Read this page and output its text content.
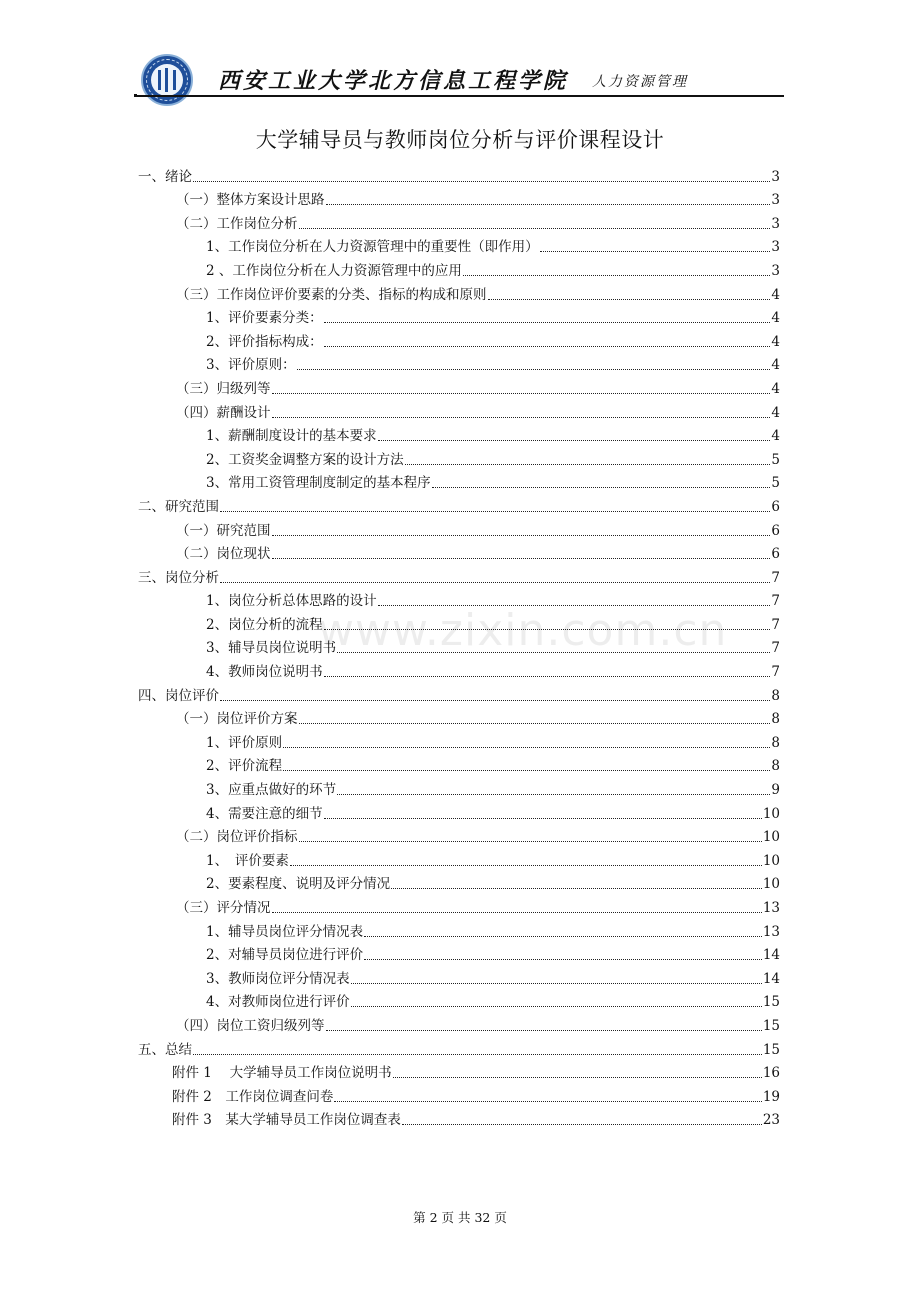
西安工业大学北方信息工程学院 人力资源管理
大学辅导员与教师岗位分析与评价课程设计
www.zixin.com.cn
一、绪论	3
（一）整体方案设计思路	3
（二）工作岗位分析	3
1、工作岗位分析在人力资源管理中的重要性（即作用）	3
2 、工作岗位分析在人力资源管理中的应用	3
（三）工作岗位评价要素的分类、指标的构成和原则	4
1、评价要素分类：	4
2、评价指标构成：	4
3、评价原则：	4
（三）归级列等	4
（四）薪酬设计	4
1、薪酬制度设计的基本要求	4
2、工资奖金调整方案的设计方法	5
3、常用工资管理制度制定的基本程序	5
二、研究范围	6
（一）研究范围	6
（二）岗位现状	6
三、岗位分析	7
1、岗位分析总体思路的设计	7
2、岗位分析的流程	7
3、辅导员岗位说明书	7
4、教师岗位说明书	7
四、岗位评价	8
（一）岗位评价方案	8
1、评价原则	8
2、评价流程	8
3、应重点做好的环节	9
4、需要注意的细节	10
（二）岗位评价指标	10
1、　评价要素	10
2、要素程度、说明及评分情况	10
（三）评分情况	13
1、辅导员岗位评分情况表	13
2、对辅导员岗位进行评价	14
3、教师岗位评分情况表	14
4、对教师岗位进行评价	15
（四）岗位工资归级列等	15
五、总结	15
附件 1　 大学辅导员工作岗位说明书	16
附件 2　工作岗位调查问卷	19
附件 3　某大学辅导员工作岗位调查表	23
第 2 页 共 32 页
